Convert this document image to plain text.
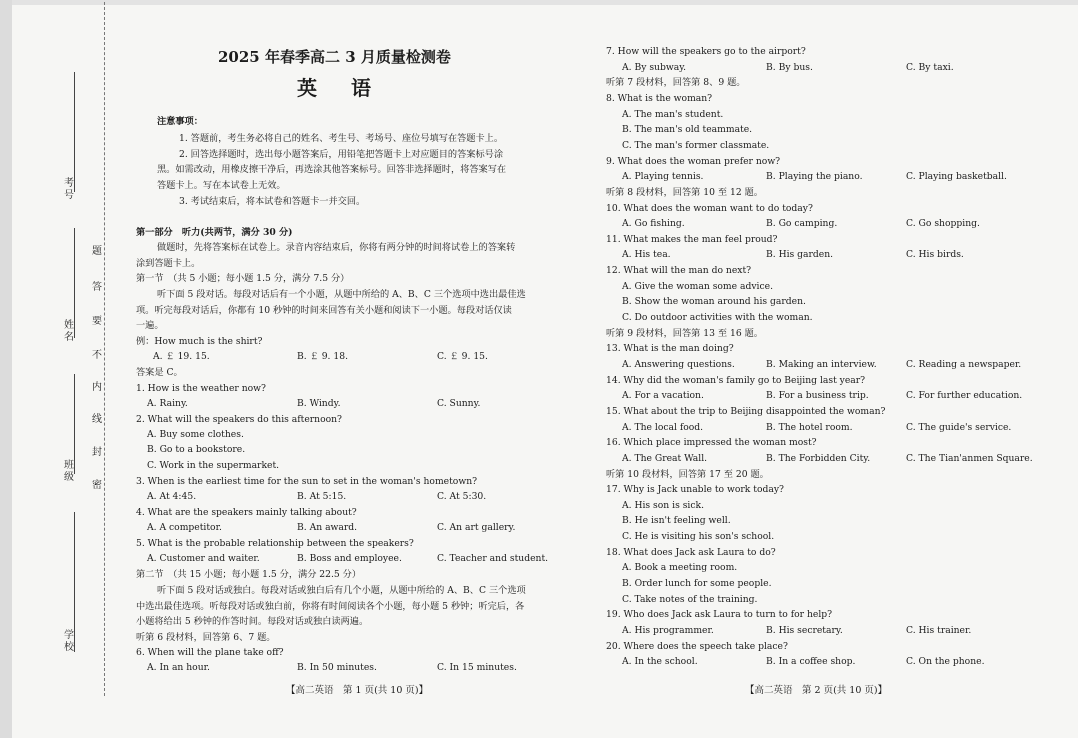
考号
姓名
班级
学校
题
答
要
不
内
线
封
密
2025 年春季高二 3 月质量检测卷
英语
注意事项：
1. 答题前，考生务必将自己的姓名、考生号、考场号、座位号填写在答题卡上。
2. 回答选择题时，选出每小题答案后，用铅笔把答题卡上对应题目的答案标号涂
黑。如需改动，用橡皮擦干净后，再选涂其他答案标号。回答非选择题时，将答案写在
答题卡上。写在本试卷上无效。
3. 考试结束后，将本试卷和答题卡一并交回。
第一部分　听力(共两节，满分 30 分)
做题时，先将答案标在试卷上。录音内容结束后，你将有两分钟的时间将试卷上的答案转
涂到答题卡上。
第一节　（共 5 小题；每小题 1.5 分，满分 7.5 分）
听下面 5 段对话。每段对话后有一个小题，从题中所给的 A、B、C 三个选项中选出最佳选
项。听完每段对话后，你都有 10 秒钟的时间来回答有关小题和阅读下一小题。每段对话仅读
一遍。
例：How much is the shirt?
A. ￡ 19. 15.	B. ￡ 9. 18.	C. ￡ 9. 15.
答案是 C。
1. How is the weather now?
A. Rainy.	B. Windy.	C. Sunny.
2. What will the speakers do this afternoon?
A. Buy some clothes.
B. Go to a bookstore.
C. Work in the supermarket.
3. When is the earliest time for the sun to set in the woman's hometown?
A. At 4:45.	B. At 5:15.	C. At 5:30.
4. What are the speakers mainly talking about?
A. A competitor.	B. An award.	C. An art gallery.
5. What is the probable relationship between the speakers?
A. Customer and waiter.	B. Boss and employee.	C. Teacher and student.
第二节　（共 15 小题；每小题 1.5 分，满分 22.5 分）
听下面 5 段对话或独白。每段对话或独白后有几个小题，从题中所给的 A、B、C 三个选项
中选出最佳选项。听每段对话或独白前，你将有时间阅读各个小题，每小题 5 秒钟；听完后，各
小题将给出 5 秒钟的作答时间。每段对话或独白读两遍。
听第 6 段材料，回答第 6、7 题。
6. When will the plane take off?
A. In an hour.	B. In 50 minutes.	C. In 15 minutes.
【高二英语　第 1 页(共 10 页)】
7. How will the speakers go to the airport?
A. By subway.	B. By bus.	C. By taxi.
听第 7 段材料，回答第 8、9 题。
8. What is the woman?
A. The man's student.
B. The man's old teammate.
C. The man's former classmate.
9. What does the woman prefer now?
A. Playing tennis.	B. Playing the piano.	C. Playing basketball.
听第 8 段材料，回答第 10 至 12 题。
10. What does the woman want to do today?
A. Go fishing.	B. Go camping.	C. Go shopping.
11. What makes the man feel proud?
A. His tea.	B. His garden.	C. His birds.
12. What will the man do next?
A. Give the woman some advice.
B. Show the woman around his garden.
C. Do outdoor activities with the woman.
听第 9 段材料，回答第 13 至 16 题。
13. What is the man doing?
A. Answering questions.	B. Making an interview.	C. Reading a newspaper.
14. Why did the woman's family go to Beijing last year?
A. For a vacation.	B. For a business trip.	C. For further education.
15. What about the trip to Beijing disappointed the woman?
A. The local food.	B. The hotel room.	C. The guide's service.
16. Which place impressed the woman most?
A. The Great Wall.	B. The Forbidden City.	C. The Tian'anmen Square.
听第 10 段材料，回答第 17 至 20 题。
17. Why is Jack unable to work today?
A. His son is sick.
B. He isn't feeling well.
C. He is visiting his son's school.
18. What does Jack ask Laura to do?
A. Book a meeting room.
B. Order lunch for some people.
C. Take notes of the training.
19. Who does Jack ask Laura to turn to for help?
A. His programmer.	B. His secretary.	C. His trainer.
20. Where does the speech take place?
A. In the school.	B. In a coffee shop.	C. On the phone.
【高二英语　第 2 页(共 10 页)】
